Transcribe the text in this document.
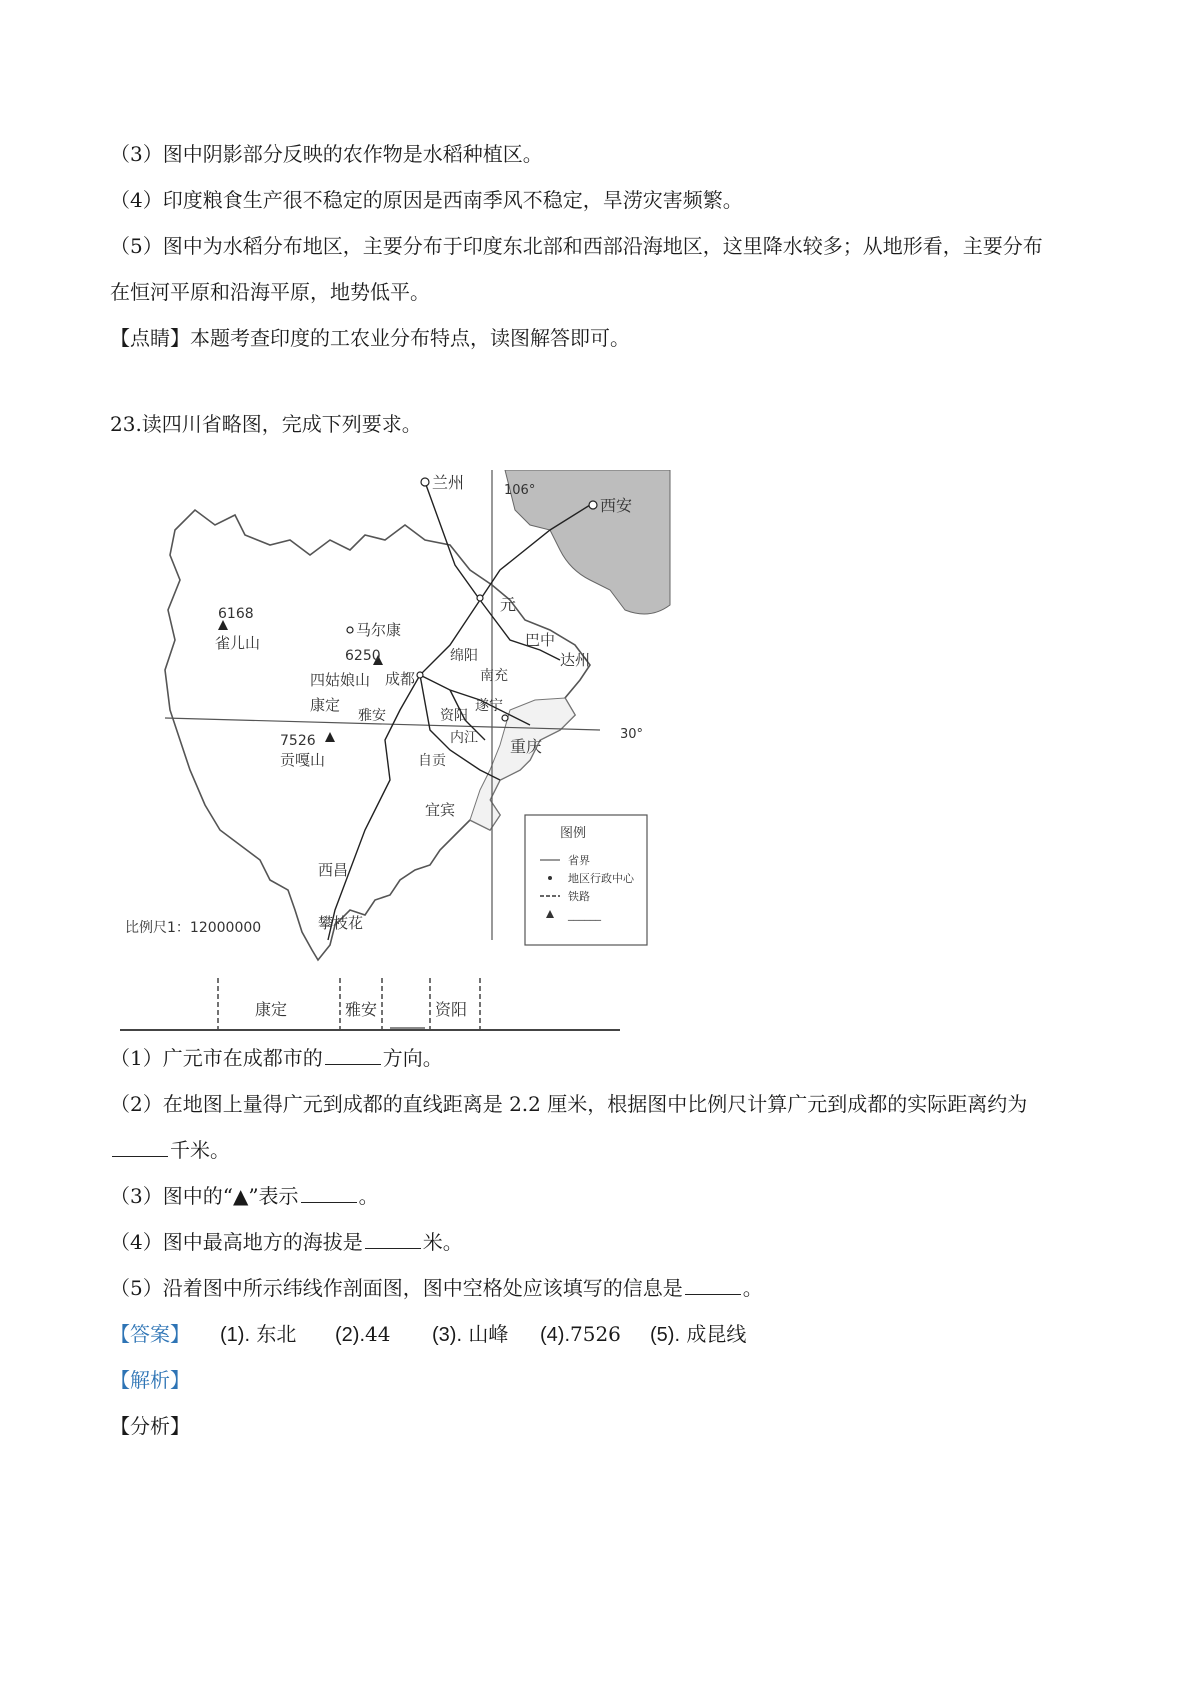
（3）图中阴影部分反映的农作物是水稻种植区。
（4）印度粮食生产很不稳定的原因是西南季风不稳定，旱涝灾害频繁。
（5）图中为水稻分布地区，主要分布于印度东北部和西部沿海地区，这里降水较多；从地形看，主要分布
在恒河平原和沿海平原，地势低平。
【点睛】本题考查印度的工农业分布特点，读图解答即可。
23.读四川省略图，完成下列要求。
兰州	106°
西安
6168
雀儿山
马尔康
元
巴中
达州
6250	绵阳
四姑娘山 成都	南充
康定
雅安
遂宁
资阳
30°
7526
贡嘎山
内江 重庆
自贡
宜宾
西昌
攀枝花
比例尺1：12000000
图例
省界
地区行政中心
铁路
______
康定	雅安	资阳
（1）广元市在成都市的	方向。
（2）在地图上量得广元到成都的直线距离是 2.2 厘米，根据图中比例尺计算广元到成都的实际距离约为
千米。
（3）图中的“▲”表示	。
（4）图中最高地方的海拔是	米。
（5）沿着图中所示纬线作剖面图，图中空格处应该填写的信息是	。
【答案】 (1). 东北 (2).44 (3). 山峰 (4).7526 (5). 成昆线
【解析】
【分析】
